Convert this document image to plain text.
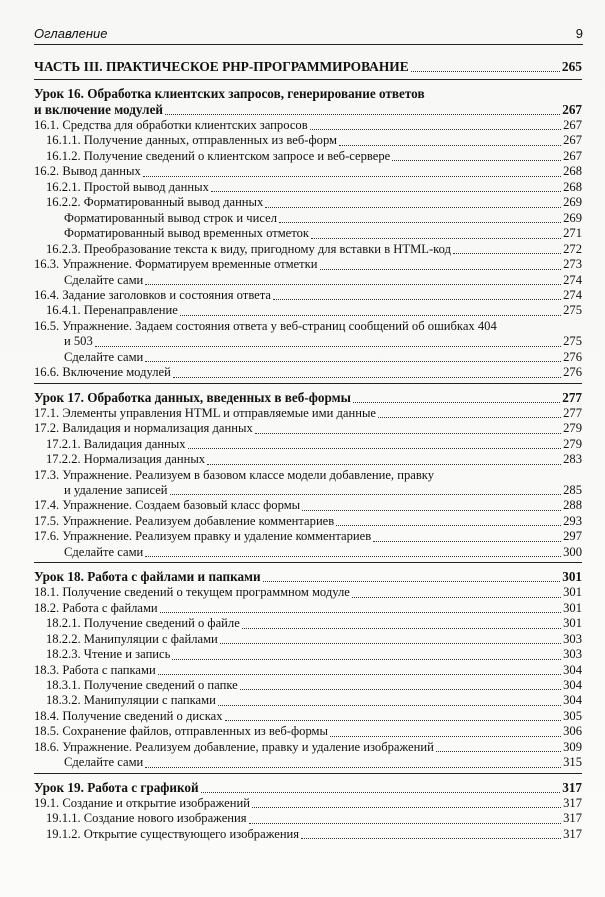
Оглавление	9
ЧАСТЬ III. ПРАКТИЧЕСКОЕ PHP-ПРОГРАММИРОВАНИЕ	265
Урок 16. Обработка клиентских запросов, генерирование ответов
и включение модулей	267
16.1. Средства для обработки клиентских запросов	267
16.1.1. Получение данных, отправленных из веб-форм	267
16.1.2. Получение сведений о клиентском запросе и веб-сервере	267
16.2. Вывод данных	268
16.2.1. Простой вывод данных	268
16.2.2. Форматированный вывод данных	269
Форматированный вывод строк и чисел	269
Форматированный вывод временных отметок	271
16.2.3. Преобразование текста к виду, пригодному для вставки в HTML-код	272
16.3. Упражнение. Форматируем временные отметки	273
Сделайте сами	274
16.4. Задание заголовков и состояния ответа	274
16.4.1. Перенаправление	275
16.5. Упражнение. Задаем состояния ответа у веб-страниц сообщений об ошибках 404
и 503	275
Сделайте сами	276
16.6. Включение модулей	276
Урок 17. Обработка данных, введенных в веб-формы	277
17.1. Элементы управления HTML и отправляемые ими данные	277
17.2. Валидация и нормализация данных	279
17.2.1. Валидация данных	279
17.2.2. Нормализация данных	283
17.3. Упражнение. Реализуем в базовом классе модели добавление, правку
и удаление записей	285
17.4. Упражнение. Создаем базовый класс формы	288
17.5. Упражнение. Реализуем добавление комментариев	293
17.6. Упражнение. Реализуем правку и удаление комментариев	297
Сделайте сами	300
Урок 18. Работа с файлами и папками	301
18.1. Получение сведений о текущем программном модуле	301
18.2. Работа с файлами	301
18.2.1. Получение сведений о файле	301
18.2.2. Манипуляции с файлами	303
18.2.3. Чтение и запись	303
18.3. Работа с папками	304
18.3.1. Получение сведений о папке	304
18.3.2. Манипуляции с папками	304
18.4. Получение сведений о дисках	305
18.5. Сохранение файлов, отправленных из веб-формы	306
18.6. Упражнение. Реализуем добавление, правку и удаление изображений	309
Сделайте сами	315
Урок 19. Работа с графикой	317
19.1. Создание и открытие изображений	317
19.1.1. Создание нового изображения	317
19.1.2. Открытие существующего изображения	317
